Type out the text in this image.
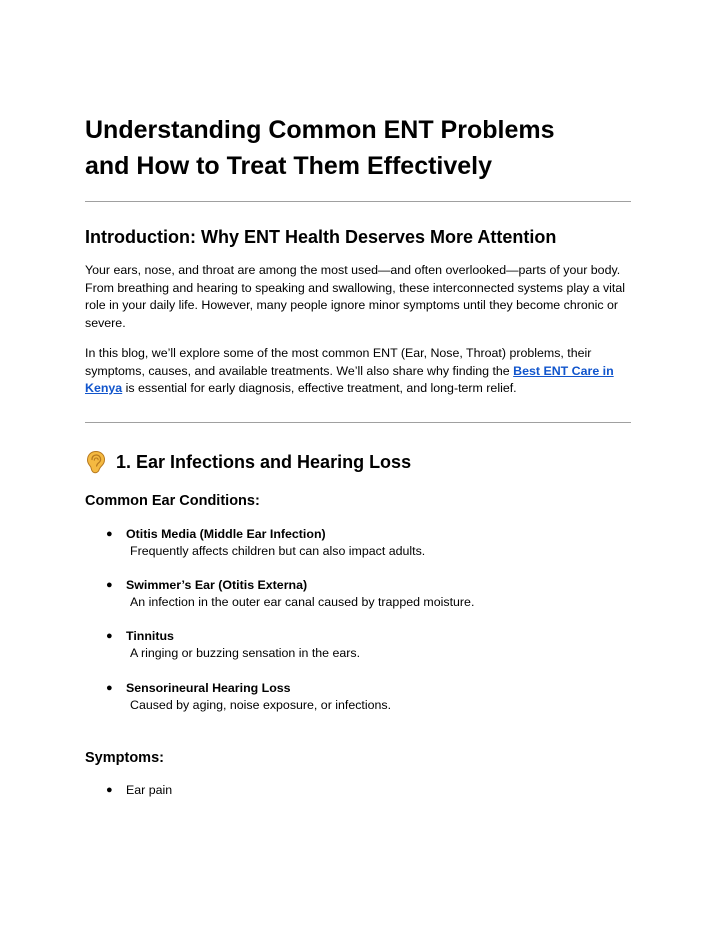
Understanding Common ENT Problems
and How to Treat Them Effectively
Introduction: Why ENT Health Deserves More Attention

Your ears, nose, and throat are among the most used—and often overlooked—parts of your body. From breathing and hearing to speaking and swallowing, these interconnected systems play a vital role in your daily life. However, many people ignore minor symptoms until they become chronic or severe.

In this blog, we’ll explore some of the most common ENT (Ear, Nose, Throat) problems, their symptoms, causes, and available treatments. We’ll also share why finding the Best ENT Care in Kenya is essential for early diagnosis, effective treatment, and long-term relief.

1. Ear Infections and Hearing Loss
Common Ear Conditions:
● Otitis Media (Middle Ear Infection)
Frequently affects children but can also impact adults.
● Swimmer’s Ear (Otitis Externa)
An infection in the outer ear canal caused by trapped moisture.
● Tinnitus
A ringing or buzzing sensation in the ears.
● Sensorineural Hearing Loss
Caused by aging, noise exposure, or infections.
Symptoms:
● Ear pain
